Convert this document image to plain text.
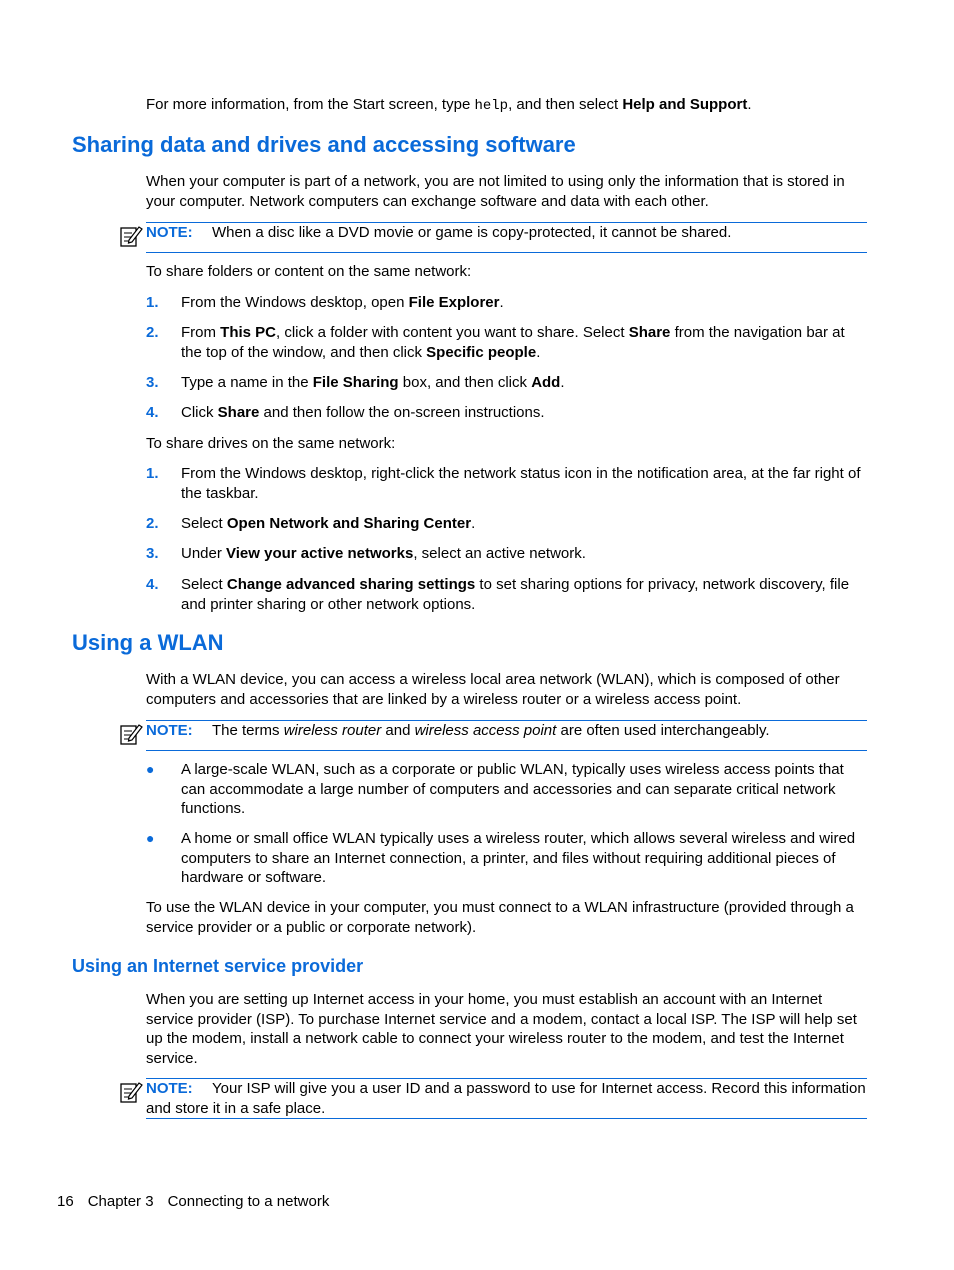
For more information, from the Start screen, type help, and then select Help and Support.

Sharing data and drives and accessing software

When your computer is part of a network, you are not limited to using only the information that is stored in your computer. Network computers can exchange software and data with each other.

NOTE: When a disc like a DVD movie or game is copy-protected, it cannot be shared.

To share folders or content on the same network:

1. From the Windows desktop, open File Explorer.
2. From This PC, click a folder with content you want to share. Select Share from the navigation bar at the top of the window, and then click Specific people.
3. Type a name in the File Sharing box, and then click Add.
4. Click Share and then follow the on-screen instructions.

To share drives on the same network:

1. From the Windows desktop, right-click the network status icon in the notification area, at the far right of the taskbar.
2. Select Open Network and Sharing Center.
3. Under View your active networks, select an active network.
4. Select Change advanced sharing settings to set sharing options for privacy, network discovery, file and printer sharing or other network options.
Using a WLAN

With a WLAN device, you can access a wireless local area network (WLAN), which is composed of other computers and accessories that are linked by a wireless router or a wireless access point.

NOTE: The terms wireless router and wireless access point are often used interchangeably.
● A large-scale WLAN, such as a corporate or public WLAN, typically uses wireless access points that can accommodate a large number of computers and accessories and can separate critical network functions.
● A home or small office WLAN typically uses a wireless router, which allows several wireless and wired computers to share an Internet connection, a printer, and files without requiring additional pieces of hardware or software.

To use the WLAN device in your computer, you must connect to a WLAN infrastructure (provided through a service provider or a public or corporate network).

Using an Internet service provider

When you are setting up Internet access in your home, you must establish an account with an Internet service provider (ISP). To purchase Internet service and a modem, contact a local ISP. The ISP will help set up the modem, install a network cable to connect your wireless router to the modem, and test the Internet service.

NOTE: Your ISP will give you a user ID and a password to use for Internet access. Record this information and store it in a safe place.
16 Chapter 3 Connecting to a network
